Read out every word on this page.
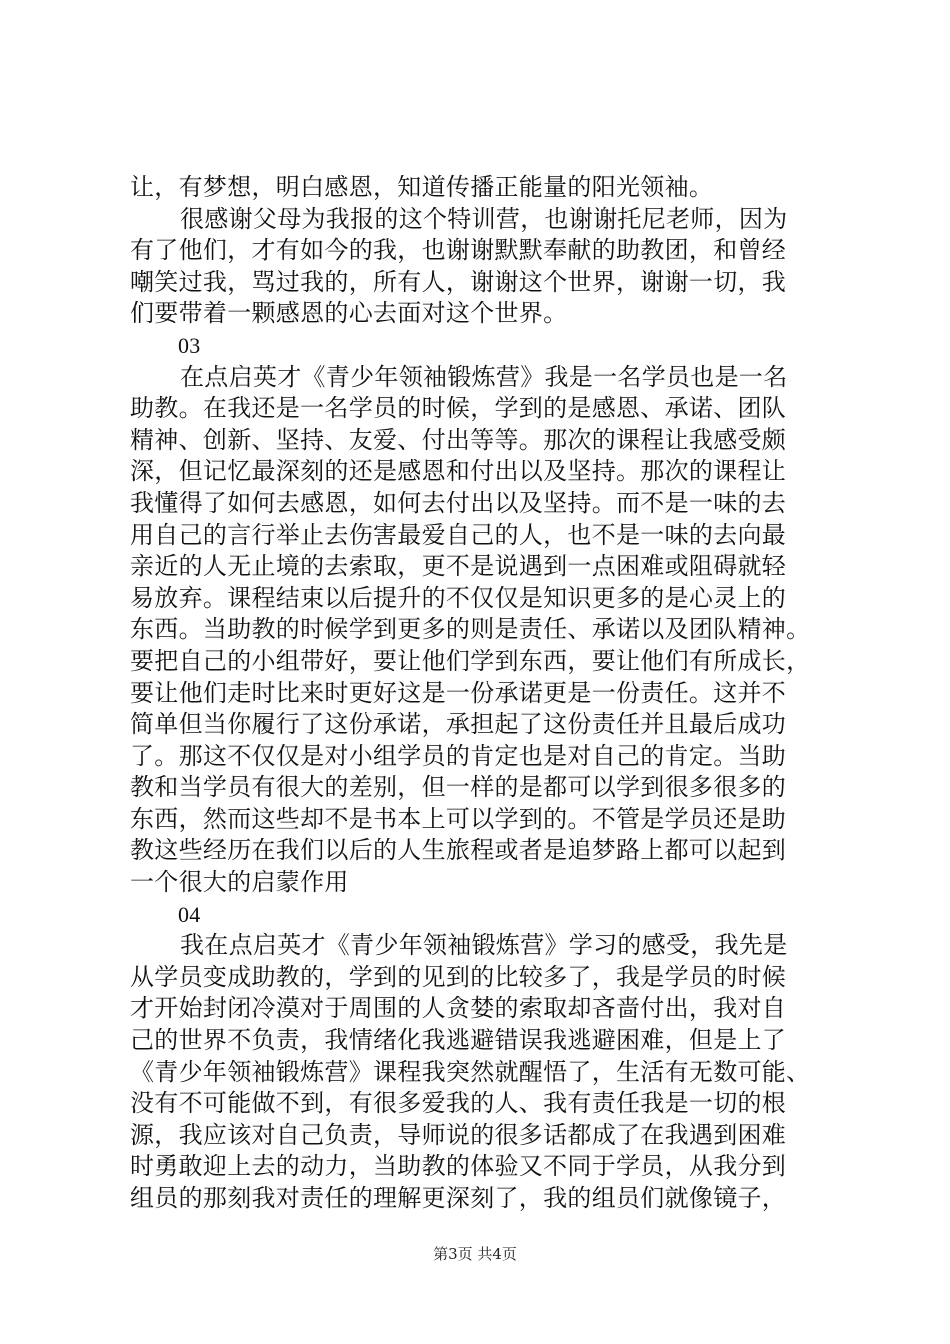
让，有梦想，明白感恩，知道传播正能量的阳光领袖。
很感谢父母为我报的这个特训营，也谢谢托尼老师，因为
有了他们，才有如今的我，也谢谢默默奉献的助教团，和曾经
嘲笑过我，骂过我的，所有人，谢谢这个世界，谢谢一切，我
们要带着一颗感恩的心去面对这个世界。
03
在点启英才《青少年领袖锻炼营》我是一名学员也是一名
助教。在我还是一名学员的时候，学到的是感恩、承诺、团队
精神、创新、坚持、友爱、付出等等。那次的课程让我感受颇
深，但记忆最深刻的还是感恩和付出以及坚持。那次的课程让
我懂得了如何去感恩，如何去付出以及坚持。而不是一味的去
用自己的言行举止去伤害最爱自己的人，也不是一味的去向最
亲近的人无止境的去索取，更不是说遇到一点困难或阻碍就轻
易放弃。课程结束以后提升的不仅仅是知识更多的是心灵上的
东西。当助教的时候学到更多的则是责任、承诺以及团队精神。
要把自己的小组带好，要让他们学到东西，要让他们有所成长，
要让他们走时比来时更好这是一份承诺更是一份责任。这并不
简单但当你履行了这份承诺，承担起了这份责任并且最后成功
了。那这不仅仅是对小组学员的肯定也是对自己的肯定。当助
教和当学员有很大的差别，但一样的是都可以学到很多很多的
东西，然而这些却不是书本上可以学到的。不管是学员还是助
教这些经历在我们以后的人生旅程或者是追梦路上都可以起到
一个很大的启蒙作用
04
我在点启英才《青少年领袖锻炼营》学习的感受，我先是
从学员变成助教的，学到的见到的比较多了，我是学员的时候
才开始封闭冷漠对于周围的人贪婪的索取却吝啬付出，我对自
己的世界不负责，我情绪化我逃避错误我逃避困难，但是上了
《青少年领袖锻炼营》课程我突然就醒悟了，生活有无数可能、
没有不可能做不到，有很多爱我的人、我有责任我是一切的根
源，我应该对自己负责，导师说的很多话都成了在我遇到困难
时勇敢迎上去的动力，当助教的体验又不同于学员，从我分到
组员的那刻我对责任的理解更深刻了，我的组员们就像镜子，
第3页 共4页
